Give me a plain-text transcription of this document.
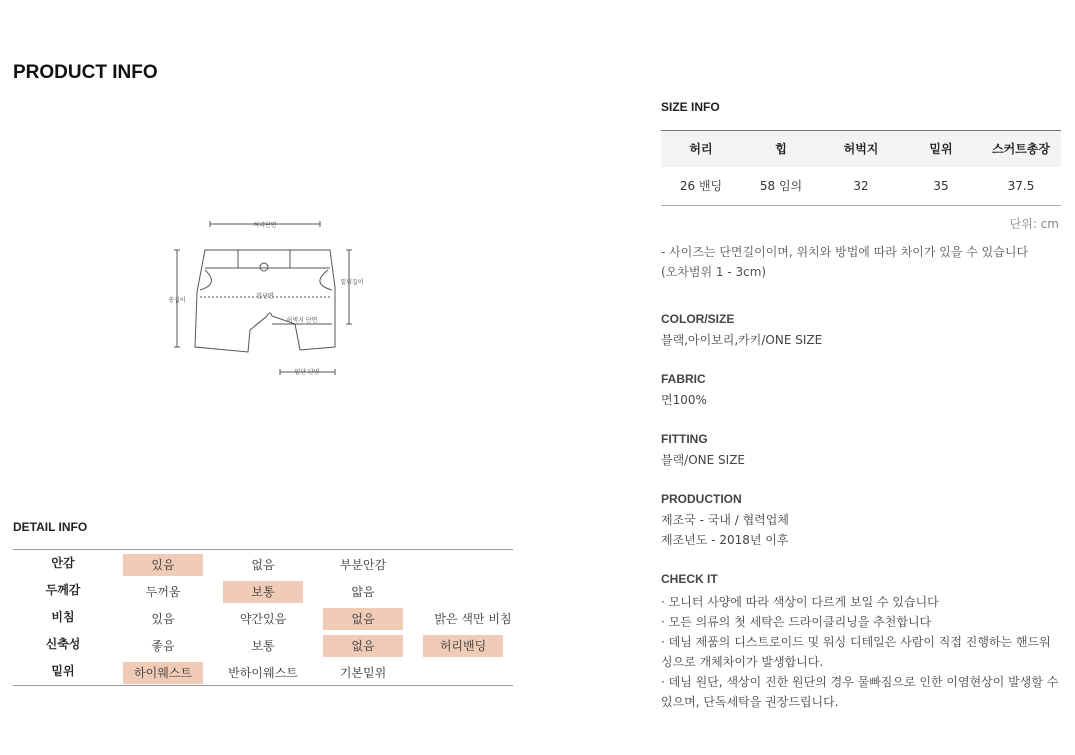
PRODUCT INFO
허리단면
힙단면
밑위길이
총길이
허벅지 단면
밑단 단면
DETAIL INFO
안감	있음	없음	부분안감
두께감	두꺼움	보통	얇음
비침	있음	약간있음	없음	밝은 색만 비침
신축성	좋음	보통	없음	허리밴딩
밑위	하이웨스트	반하이웨스트	기본밑위
SIZE INFO
허리	힙	허벅지	밑위	스커트총장
26 밴딩	58 임의	32	35	37.5
단위: cm
- 사이즈는 단면길이이며, 위치와 방법에 따라 차이가 있을 수 있습니다
(오차범위 1 - 3cm)
COLOR/SIZE
블랙,아이보리,카키/ONE SIZE
FABRIC
면100%
FITTING
블랙/ONE SIZE
PRODUCTION
제조국 - 국내 / 협력업체
제조년도 - 2018년 이후
CHECK IT
· 모니터 사양에 따라 색상이 다르게 보일 수 있습니다
· 모든 의류의 첫 세탁은 드라이클리닝을 추천합니다
· 데님 제품의 디스트로이드 및 워싱 디테일은 사람이 직접 진행하는 핸드워싱으로 개체차이가 발생합니다.
· 데님 원단, 색상이 진한 원단의 경우 물빠짐으로 인한 이염현상이 발생할 수 있으며, 단독세탁을 권장드립니다.
